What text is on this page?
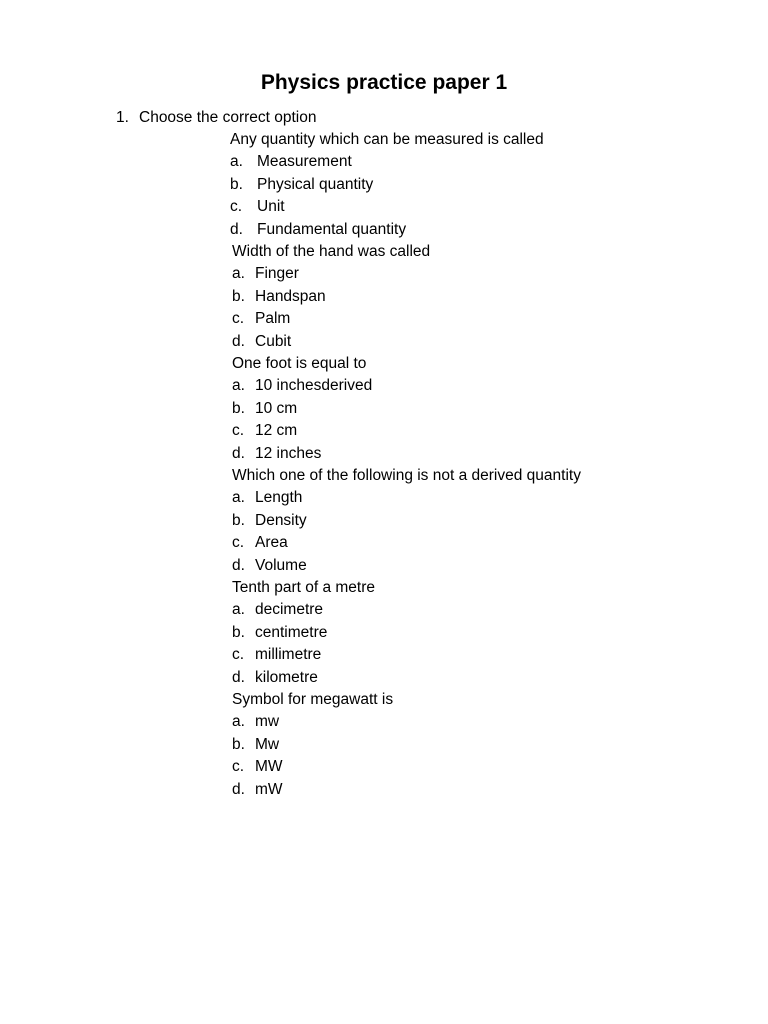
Physics practice paper 1
1. Choose the correct option
Any quantity which can be measured is called
a. Measurement
b. Physical quantity
c. Unit
d. Fundamental quantity
Width of the hand was called
a. Finger
b. Handspan
c. Palm
d. Cubit
One foot is equal to
a. 10 inchesderived
b. 10 cm
c. 12 cm
d. 12 inches
Which one of the following is not a derived quantity
a. Length
b. Density
c. Area
d. Volume
Tenth part of a metre
a. decimetre
b. centimetre
c. millimetre
d. kilometre
Symbol for megawatt is
a. mw
b. Mw
c. MW
d. mW
